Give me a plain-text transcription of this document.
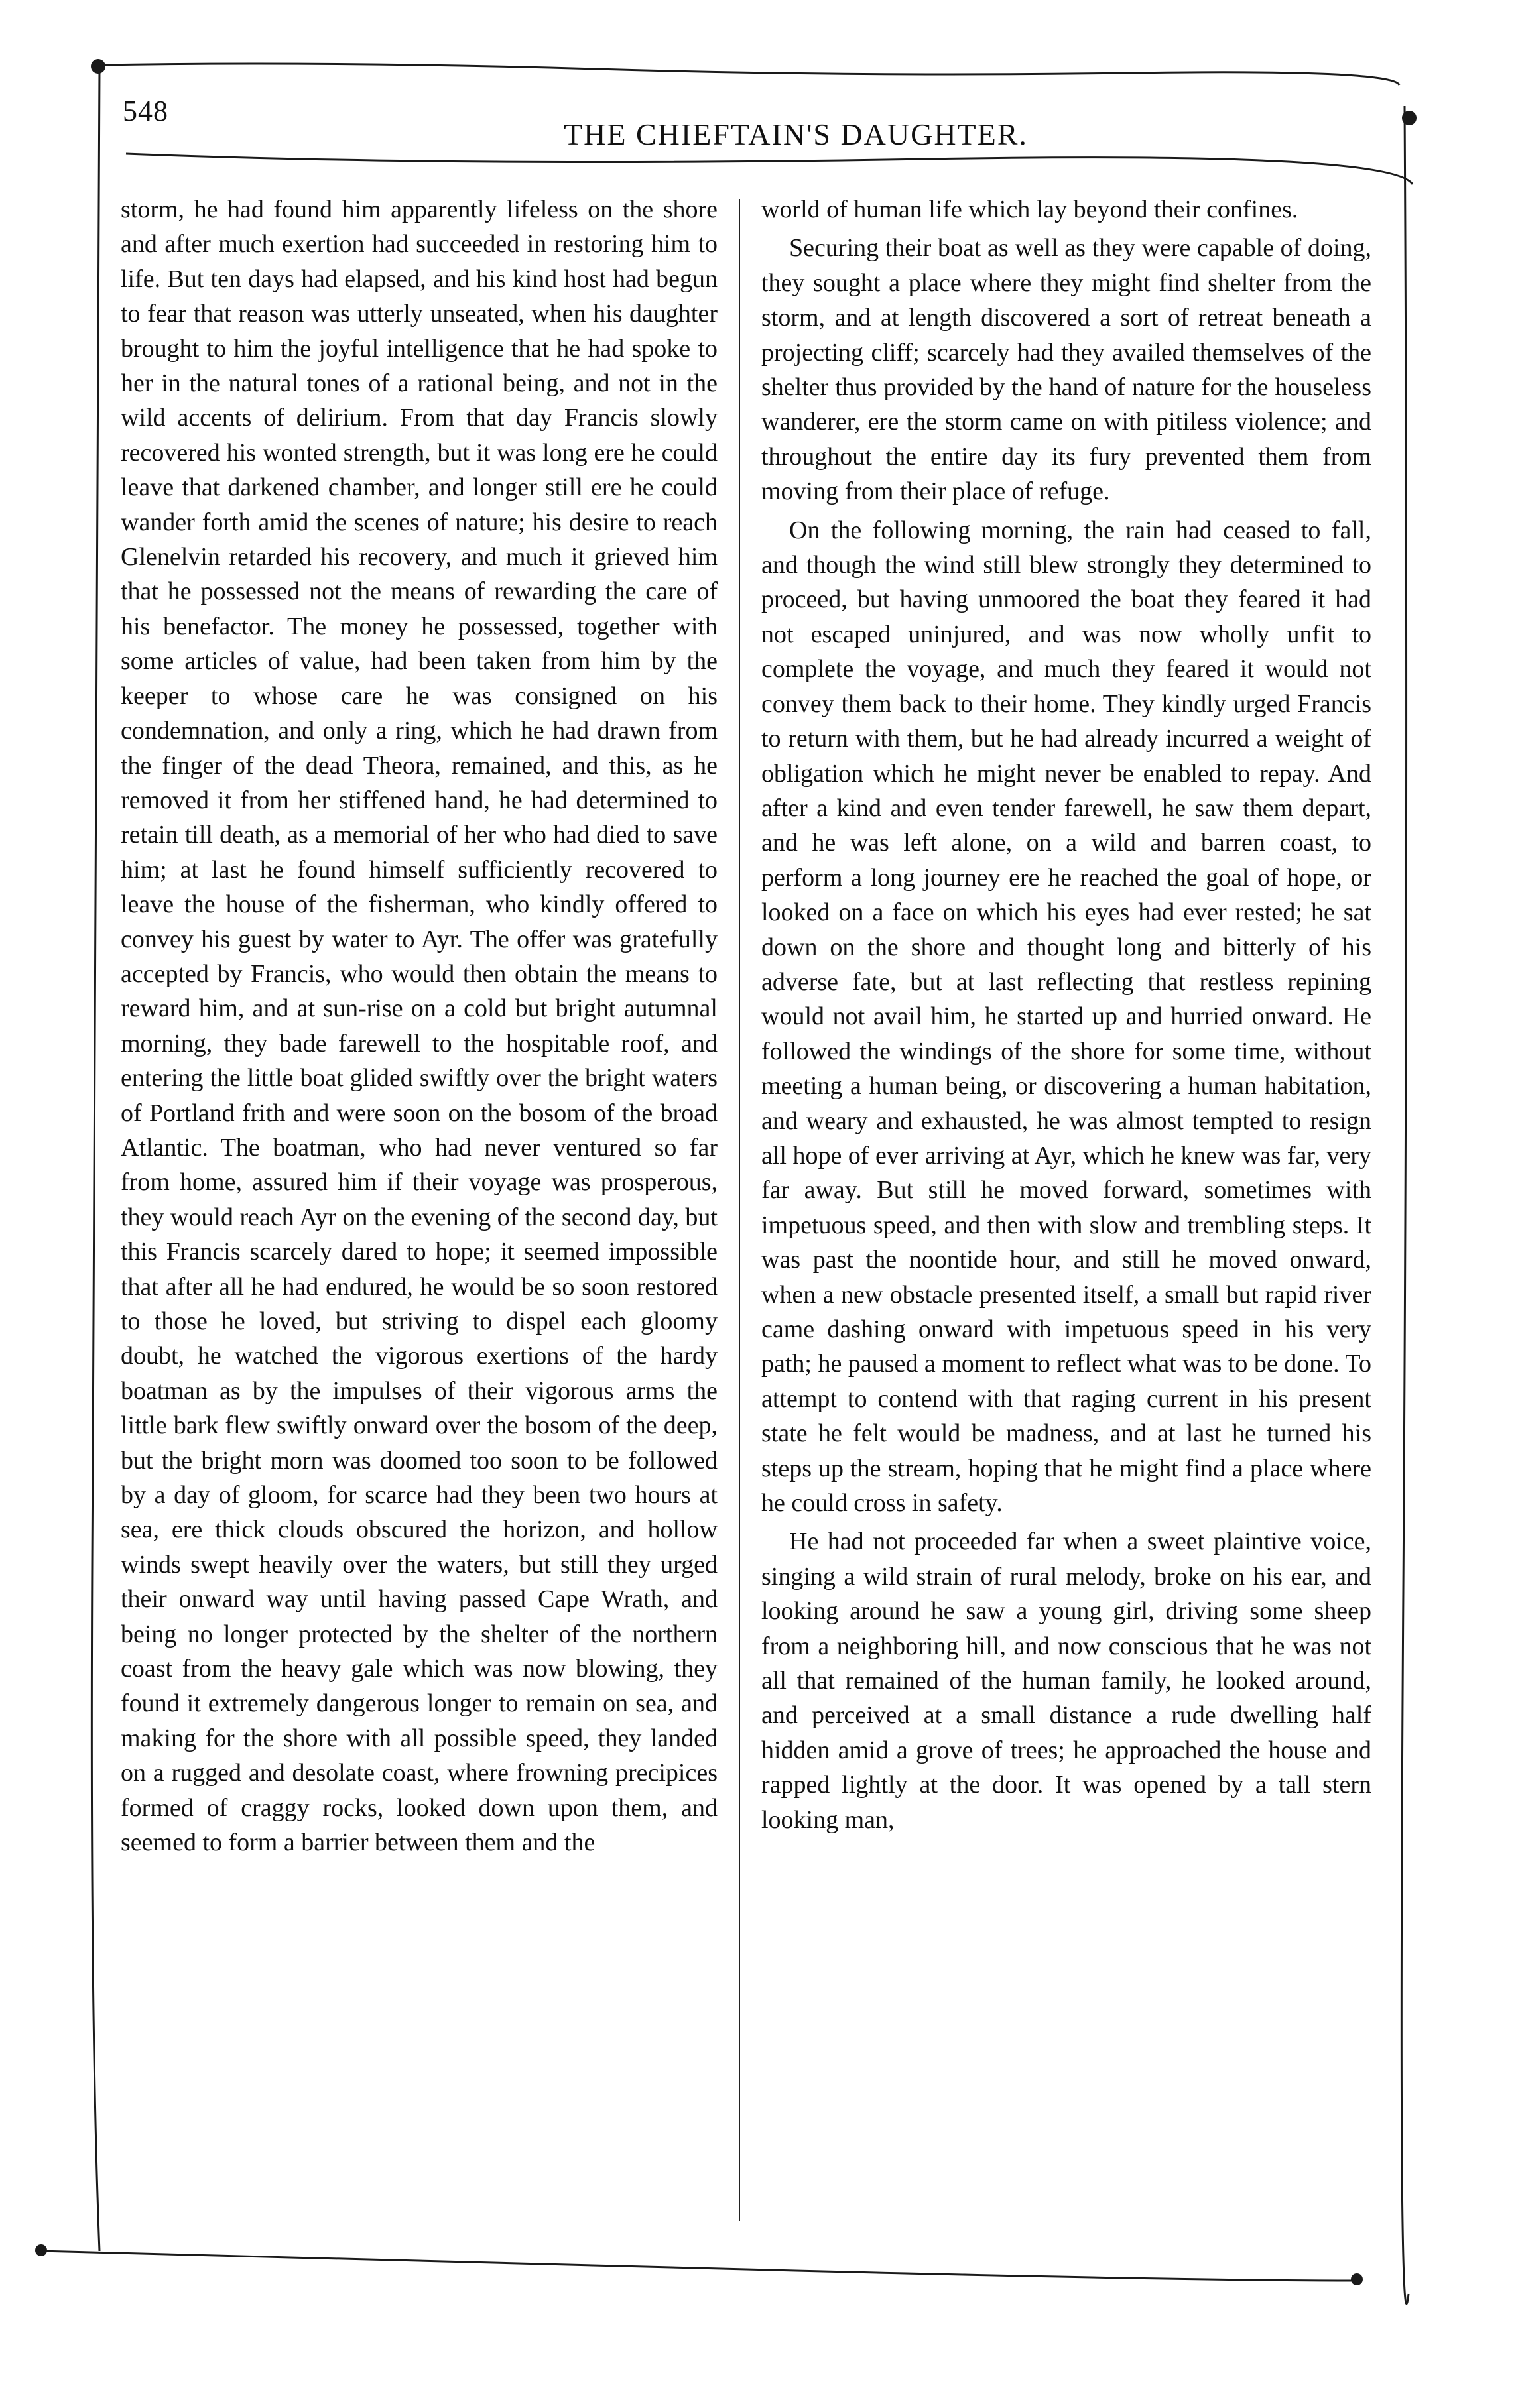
548
THE CHIEFTAIN'S DAUGHTER.

storm, he had found him apparently lifeless on the shore and after much exertion had succeeded in restoring him to life. But ten days had elapsed, and his kind host had begun to fear that reason was utterly unseated, when his daughter brought to him the joyful intelligence that he had spoke to her in the natural tones of a rational being, and not in the wild accents of delirium. From that day Francis slowly recovered his wonted strength, but it was long ere he could leave that darkened chamber, and longer still ere he could wander forth amid the scenes of nature; his desire to reach Glenelvin retarded his recovery, and much it grieved him that he possessed not the means of rewarding the care of his benefactor. The money he possessed, together with some articles of value, had been taken from him by the keeper to whose care he was consigned on his condemnation, and only a ring, which he had drawn from the finger of the dead Theora, remained, and this, as he removed it from her stiffened hand, he had determined to retain till death, as a memorial of her who had died to save him; at last he found himself sufficiently recovered to leave the house of the fisherman, who kindly offered to convey his guest by water to Ayr. The offer was gratefully accepted by Francis, who would then obtain the means to reward him, and at sun-rise on a cold but bright autumnal morning, they bade farewell to the hospitable roof, and entering the little boat glided swiftly over the bright waters of Portland frith and were soon on the bosom of the broad Atlantic. The boatman, who had never ventured so far from home, assured him if their voyage was prosperous, they would reach Ayr on the evening of the second day, but this Francis scarcely dared to hope; it seemed impossible that after all he had endured, he would be so soon restored to those he loved, but striving to dispel each gloomy doubt, he watched the vigorous exertions of the hardy boatman as by the impulses of their vigorous arms the little bark flew swiftly onward over the bosom of the deep, but the bright morn was doomed too soon to be followed by a day of gloom, for scarce had they been two hours at sea, ere thick clouds obscured the horizon, and hollow winds swept heavily over the waters, but still they urged their onward way until having passed Cape Wrath, and being no longer protected by the shelter of the northern coast from the heavy gale which was now blowing, they found it extremely dangerous longer to remain on sea, and making for the shore with all possible speed, they landed on a rugged and desolate coast, where frowning precipices formed of craggy rocks, looked down upon them, and seemed to form a barrier between them and the

world of human life which lay beyond their confines.

Securing their boat as well as they were capable of doing, they sought a place where they might find shelter from the storm, and at length discovered a sort of retreat beneath a projecting cliff; scarcely had they availed themselves of the shelter thus provided by the hand of nature for the houseless wanderer, ere the storm came on with pitiless violence; and throughout the entire day its fury prevented them from moving from their place of refuge.

On the following morning, the rain had ceased to fall, and though the wind still blew strongly they determined to proceed, but having unmoored the boat they feared it had not escaped uninjured, and was now wholly unfit to complete the voyage, and much they feared it would not convey them back to their home. They kindly urged Francis to return with them, but he had already incurred a weight of obligation which he might never be enabled to repay. And after a kind and even tender farewell, he saw them depart, and he was left alone, on a wild and barren coast, to perform a long journey ere he reached the goal of hope, or looked on a face on which his eyes had ever rested; he sat down on the shore and thought long and bitterly of his adverse fate, but at last reflecting that restless repining would not avail him, he started up and hurried onward. He followed the windings of the shore for some time, without meeting a human being, or discovering a human habitation, and weary and exhausted, he was almost tempted to resign all hope of ever arriving at Ayr, which he knew was far, very far away. But still he moved forward, sometimes with impetuous speed, and then with slow and trembling steps. It was past the noontide hour, and still he moved onward, when a new obstacle presented itself, a small but rapid river came dashing onward with impetuous speed in his very path; he paused a moment to reflect what was to be done. To attempt to contend with that raging current in his present state he felt would be madness, and at last he turned his steps up the stream, hoping that he might find a place where he could cross in safety.

He had not proceeded far when a sweet plaintive voice, singing a wild strain of rural melody, broke on his ear, and looking around he saw a young girl, driving some sheep from a neighboring hill, and now conscious that he was not all that remained of the human family, he looked around, and perceived at a small distance a rude dwelling half hidden amid a grove of trees; he approached the house and rapped lightly at the door. It was opened by a tall stern looking man,
